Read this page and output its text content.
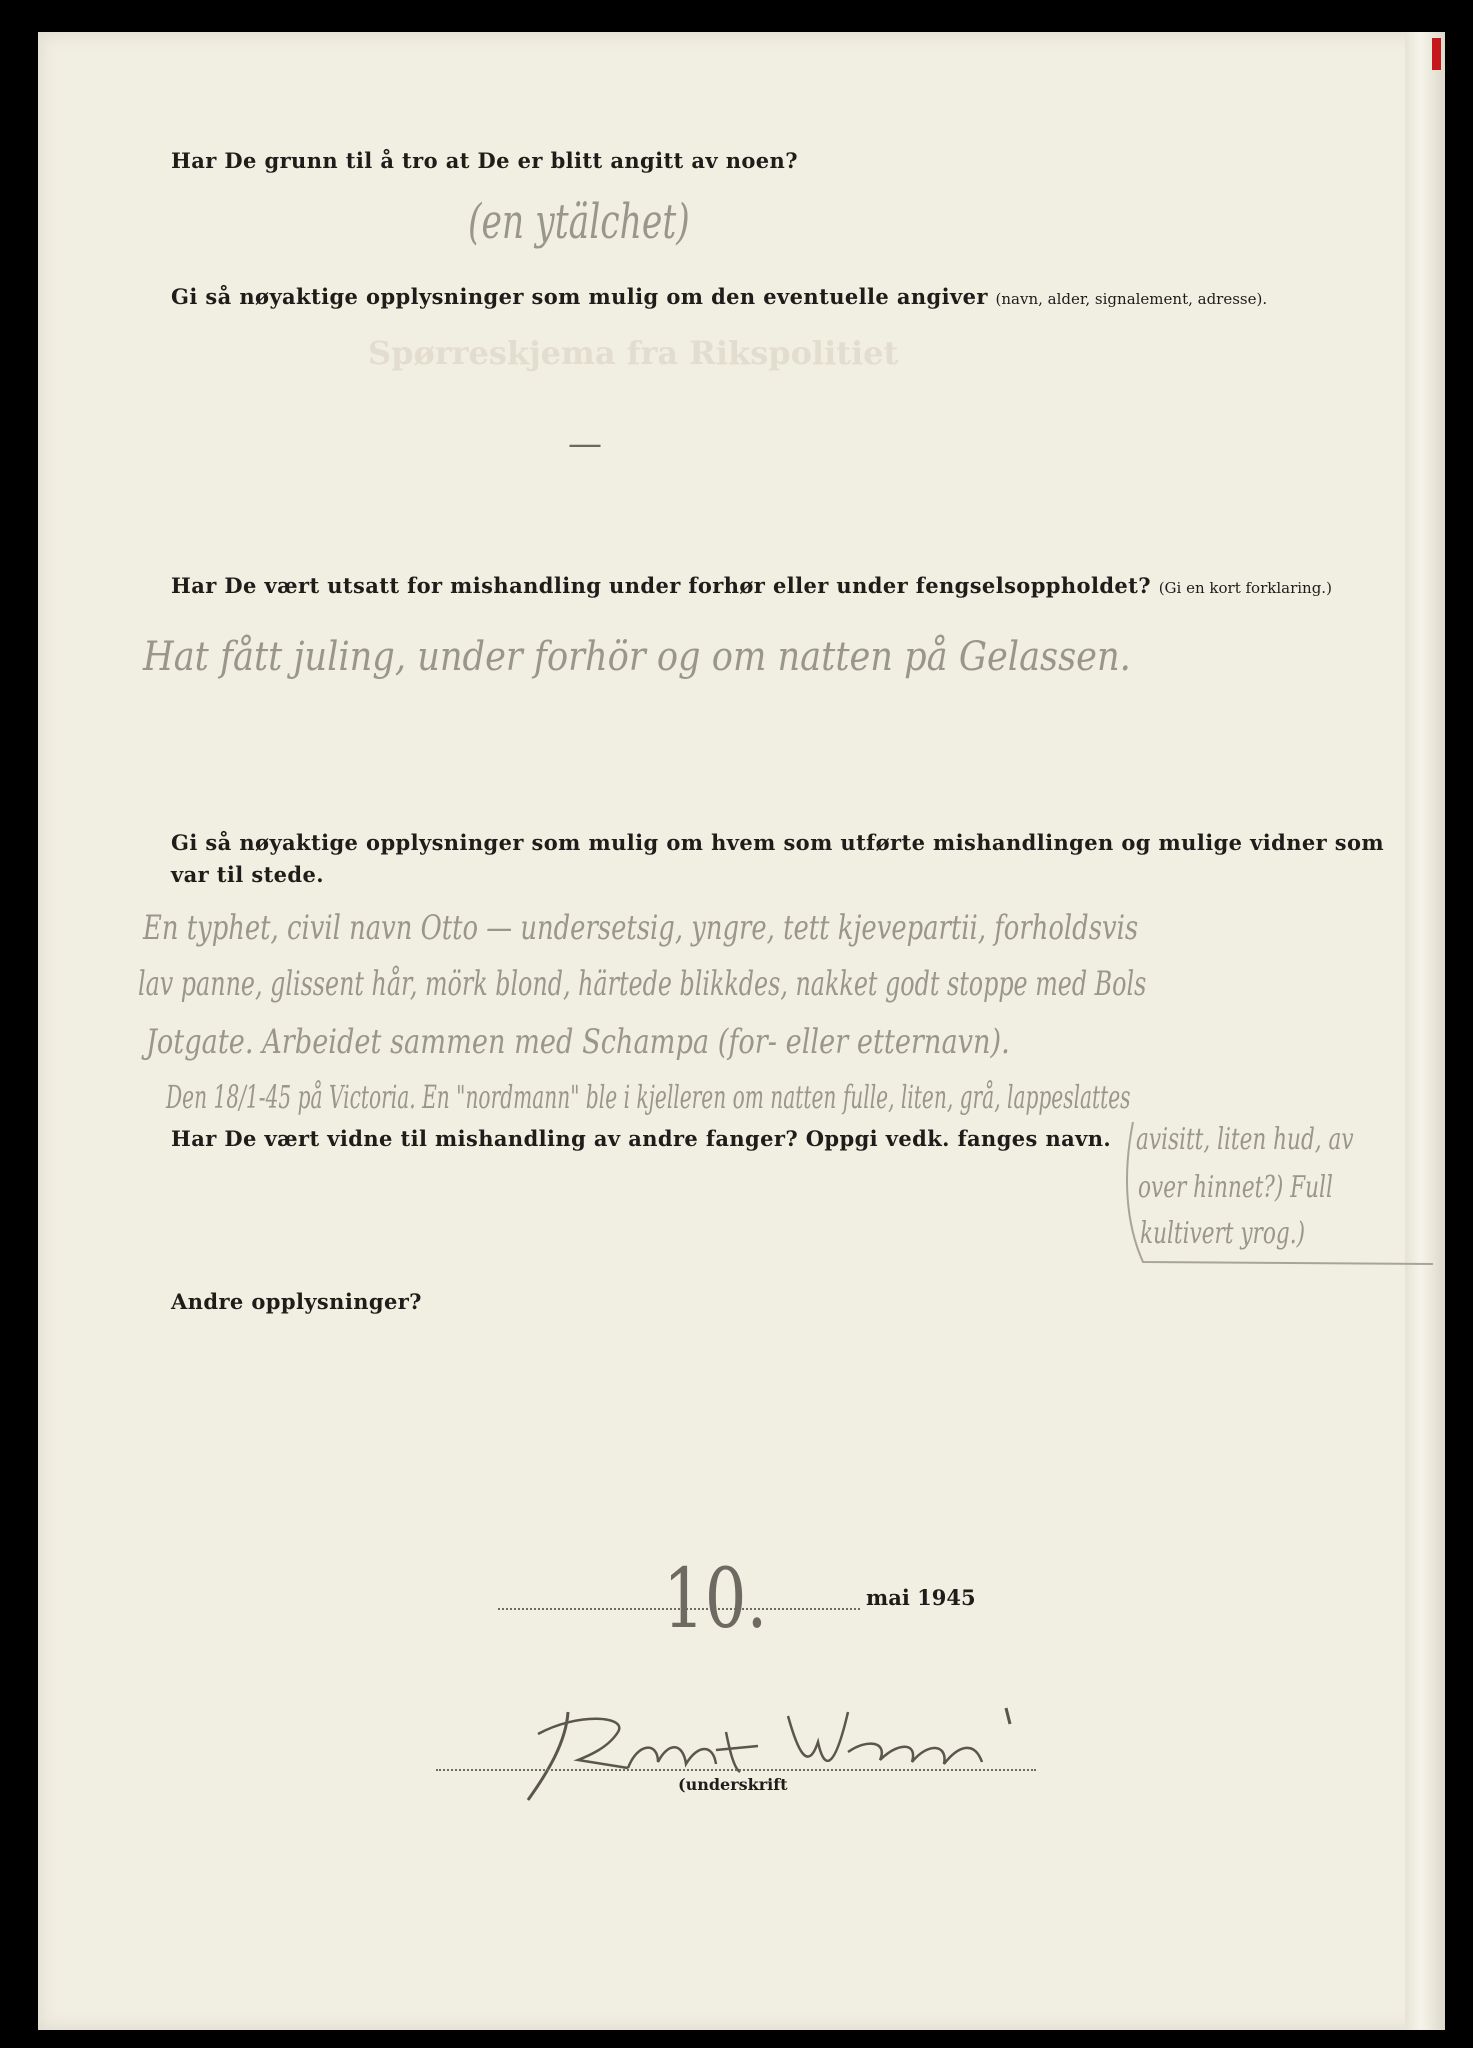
Spørreskjema fra Rikspolitiet
Har De grunn til å tro at De er blitt angitt av noen?
(en ytälchet)
Gi så nøyaktige opplysninger som mulig om den eventuelle angiver (navn, alder, signalement, adresse).
—
Har De vært utsatt for mishandling under forhør eller under fengselsoppholdet? (Gi en kort forklaring.)
Hat fått juling, under forhör og om natten på Gelassen.
Gi så nøyaktige opplysninger som mulig om hvem som utførte mishandlingen og mulige vidner som var til stede.
En typhet, civil navn Otto — undersetsig, yngre, tett kjevepartii, forholdsvis
lav panne, glissent hår, mörk blond, härtede blikkdes, nakket godt stoppe med Bols
Jotgate. Arbeidet sammen med Schampa (for- eller etternavn).
Den 18/1-45 på Victoria. En "nordmann" ble i kjelleren om natten fulle, liten, grå, lappeslattes
Har De vært vidne til mishandling av andre fanger? Oppgi vedk. fanges navn. avisitt, liten hud, av
over hinnet?) Full
kultivert yrog.)
Andre opplysninger?
10.	mai 1945
(underskrift
